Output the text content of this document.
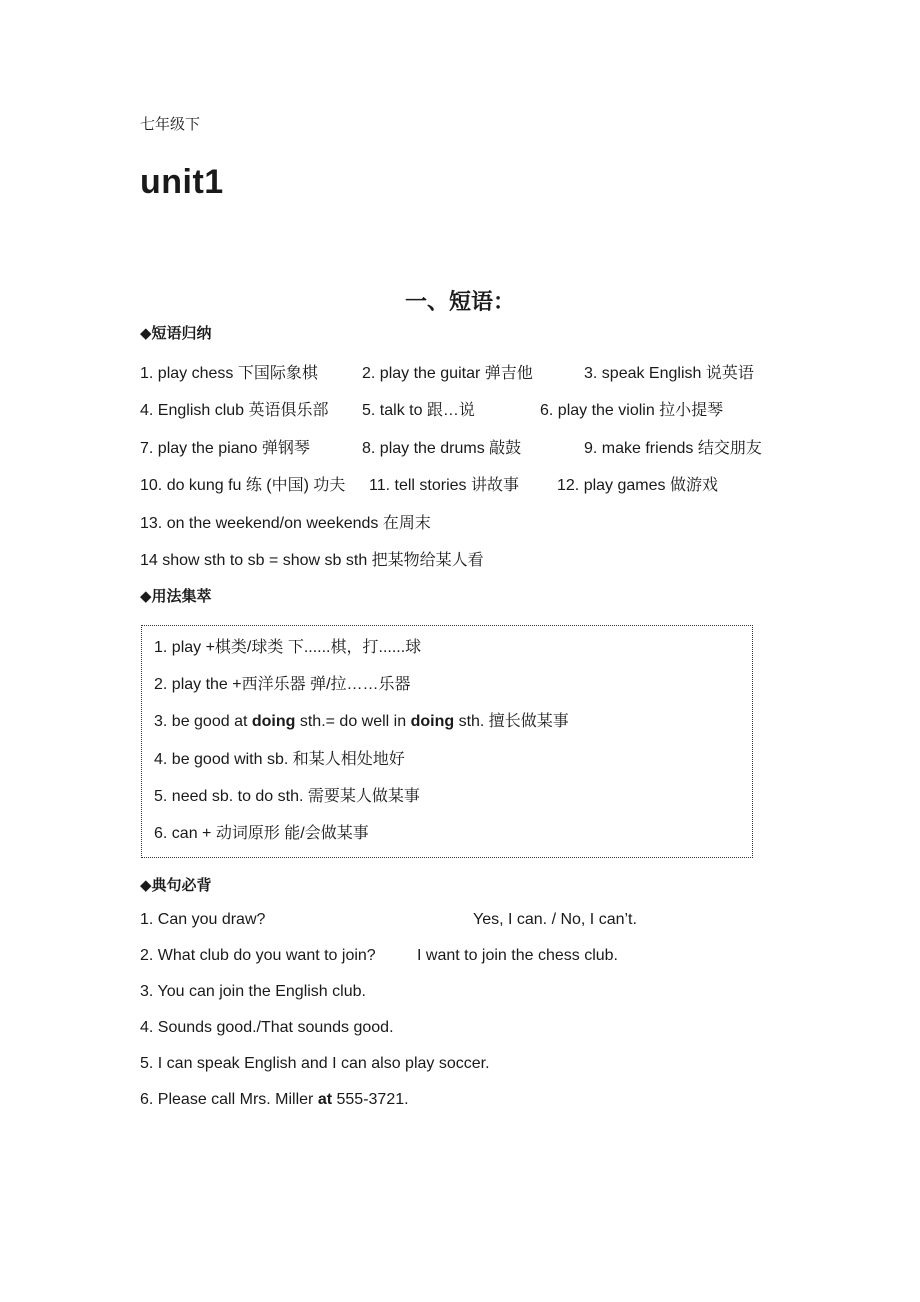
七年级下
unit1
一、短语：
◆短语归纳
1. play chess 下国际象棋	2. play the guitar 弹吉他	3. speak English 说英语
4. English club 英语俱乐部 5. talk to 跟…说	6. play the violin 拉小提琴
7. play the piano 弹钢琴	8. play the drums 敲鼓	9. make friends 结交朋友
10. do kung fu 练 (中国) 功夫 11. tell stories 讲故事 12. play games 做游戏
13. on the weekend/on weekends 在周末
14 show sth to sb = show sb sth 把某物给某人看
◆用法集萃
1. play +棋类/球类 下......棋，打......球
2. play the +西洋乐器 弹/拉……乐器
3. be good at doing sth.= do well in doing sth. 擅长做某事
4. be good with sb. 和某人相处地好
5. need sb. to do sth. 需要某人做某事
6. can + 动词原形 能/会做某事
◆典句必背
1. Can you draw?	Yes, I can. / No, I can’t.
2. What club do you want to join?	I want to join the chess club.
3. You can join the English club.
4. Sounds good./That sounds good.
5. I can speak English and I can also play soccer.
6. Please call Mrs. Miller at 555-3721.
